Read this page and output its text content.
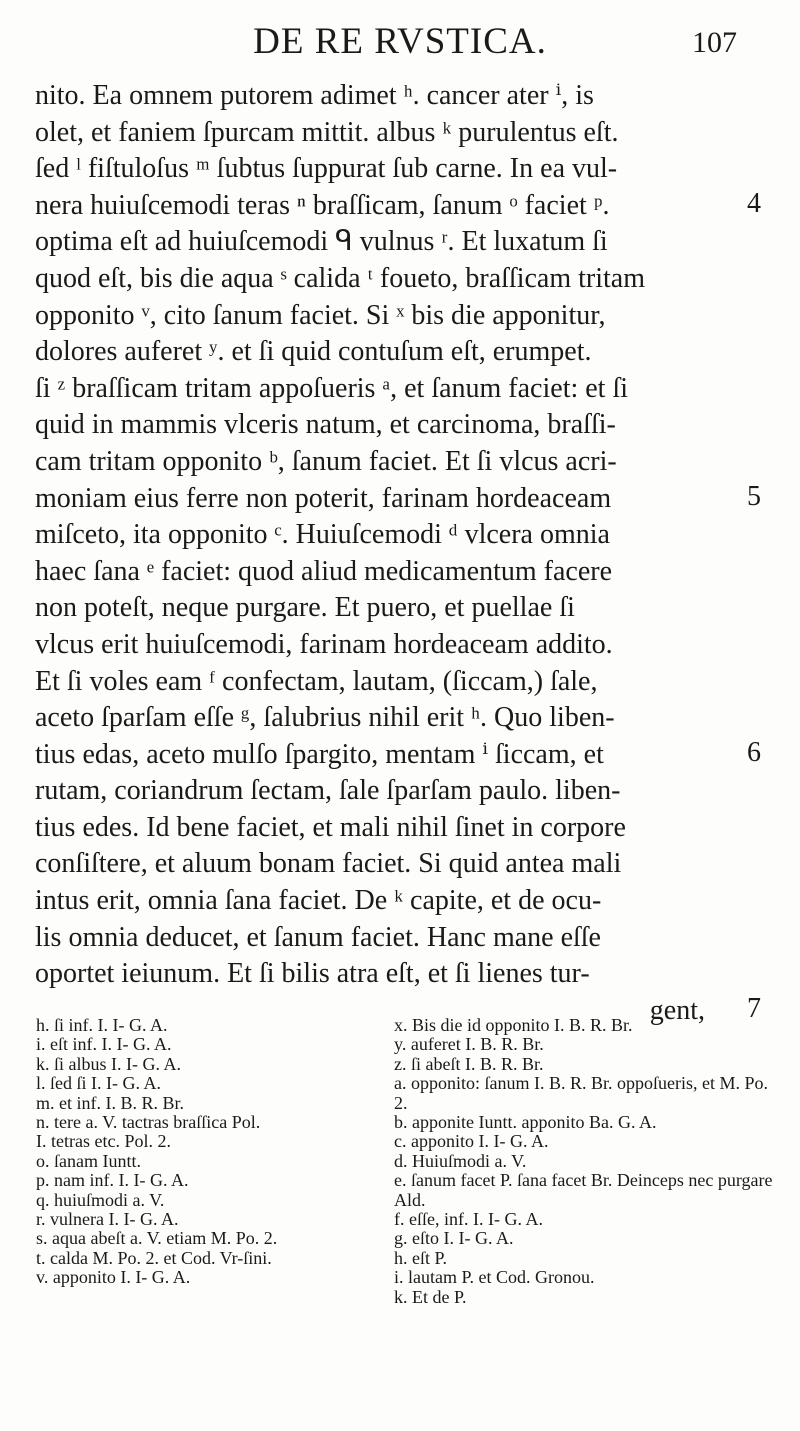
DE RE RVSTICA.	107
nito. Ea omnem putorem adimet ʰ. cancer ater ⁱ, is
olet, et faniem ſpurcam mittit. albus ᵏ purulentus eſt.
ſed ˡ fiſtuloſus ᵐ ſubtus ſuppurat ſub carne. In ea vul-
nera huiuſcemodi teras ⁿ braſſicam, ſanum ᵒ faciet ᵖ.
optima eſt ad huiuſcemodi ᑫ vulnus ʳ. Et luxatum ſi
quod eſt, bis die aqua ˢ calida ᵗ foueto, braſſicam tritam
opponito ᵛ, cito ſanum faciet. Si ˣ bis die apponitur,
dolores auferet ʸ. et ſi quid contuſum eſt, erumpet.
ſi ᶻ braſſicam tritam appoſueris ᵃ, et ſanum faciet: et ſi
quid in mammis vlceris natum, et carcinoma, braſſi-
cam tritam opponito ᵇ, ſanum faciet. Et ſi vlcus acri-
moniam eius ferre non poterit, farinam hordeaceam
miſceto, ita opponito ᶜ. Huiuſcemodi ᵈ vlcera omnia
haec ſana ᵉ faciet: quod aliud medicamentum facere
non poteſt, neque purgare. Et puero, et puellae ſi
vlcus erit huiuſcemodi, farinam hordeaceam addito.
Et ſi voles eam ᶠ confectam, lautam, (ſiccam,) ſale,
aceto ſparſam eſſe ᵍ, ſalubrius nihil erit ʰ. Quo liben-
tius edas, aceto mulſo ſpargito, mentam ⁱ ſiccam, et
rutam, coriandrum ſectam, ſale ſparſam paulo. liben-
tius edes. Id bene faciet, et mali nihil ſinet in corpore
conſiſtere, et aluum bonam faciet. Si quid antea mali
intus erit, omnia ſana faciet. De ᵏ capite, et de ocu-
lis omnia deducet, et ſanum faciet. Hanc mane eſſe
oportet ieiunum. Et ſi bilis atra eſt, et ſi lienes tur-
gent,
4
5
6
7
h. ſi inf. I. I- G. A.
i. eſt inf. I. I- G. A.
k. ſi albus I. I- G. A.
l. ſed ſi I. I- G. A.
m. et inf. I. B. R. Br.
n. tere a. V. tactras braſſica Pol.
I. tetras etc. Pol. 2.
o. ſanam Iuntt.
p. nam inf. I. I- G. A.
q. huiuſmodi a. V.
r. vulnera I. I- G. A.
s. aqua abeſt a. V. etiam M. Po. 2.
t. calda M. Po. 2. et Cod. Vr-ſini.
v. apponito I. I- G. A.
x. Bis die id opponito I. B. R. Br.
y. auferet I. B. R. Br.
z. ſi abeſt I. B. R. Br.
a. opponito: ſanum I. B. R. Br. oppoſueris, et M. Po. 2.
b. apponite Iuntt. apponito Ba. G. A.
c. apponito I. I- G. A.
d. Huiuſmodi a. V.
e. ſanum facet P. ſana facet Br. Deinceps nec purgare Ald.
f. eſſe, inf. I. I- G. A.
g. eſto I. I- G. A.
h. eſt P.
i. lautam P. et Cod. Gronou.
k. Et de P.
